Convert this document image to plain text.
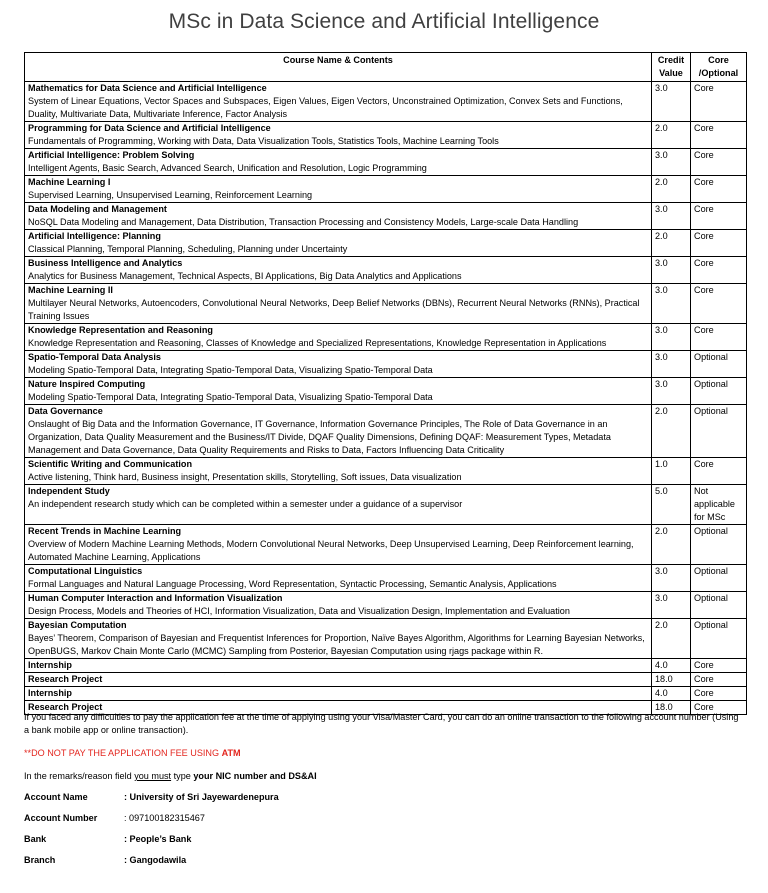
MSc in Data Science and Artificial Intelligence
Course Name & Contents	Credit Value	Core /Optional

Mathematics for Data Science and Artificial Intelligence
System of Linear Equations, Vector Spaces and Subspaces, Eigen Values, Eigen Vectors, Unconstrained Optimization, Convex Sets and Functions, Duality, Multivariate Data, Multivariate Inference, Factor Analysis	3.0	Core

Programming for Data Science and Artificial Intelligence
Fundamentals of Programming, Working with Data, Data Visualization Tools, Statistics Tools, Machine Learning Tools	2.0	Core

Artificial Intelligence: Problem Solving
Intelligent Agents, Basic Search, Advanced Search, Unification and Resolution, Logic Programming	3.0	Core

Machine Learning I
Supervised Learning, Unsupervised Learning, Reinforcement Learning	2.0	Core

Data Modeling and Management
NoSQL Data Modeling and Management, Data Distribution, Transaction Processing and Consistency Models, Large-scale Data Handling	3.0	Core

Artificial Intelligence: Planning
Classical Planning, Temporal Planning, Scheduling, Planning under Uncertainty	2.0	Core

Business Intelligence and Analytics
Analytics for Business Management, Technical Aspects, BI Applications, Big Data Analytics and Applications	3.0	Core

Machine Learning II
Multilayer Neural Networks, Autoencoders, Convolutional Neural Networks, Deep Belief Networks (DBNs), Recurrent Neural Networks (RNNs), Practical Training Issues	3.0	Core

Knowledge Representation and Reasoning
Knowledge Representation and Reasoning, Classes of Knowledge and Specialized Representations, Knowledge Representation in Applications	3.0	Core

Spatio-Temporal Data Analysis
Modeling Spatio-Temporal Data, Integrating Spatio-Temporal Data, Visualizing Spatio-Temporal Data	3.0	Optional

Nature Inspired Computing
Modeling Spatio-Temporal Data, Integrating Spatio-Temporal Data, Visualizing Spatio-Temporal Data	3.0	Optional

Data Governance
Onslaught of Big Data and the Information Governance, IT Governance, Information Governance Principles, The Role of Data Governance in an Organization, Data Quality Measurement and the Business/IT Divide, DQAF Quality Dimensions, Defining DQAF: Measurement Types, Metadata Management and Data Governance, Data Quality Requirements and Risks to Data, Factors Influencing Data Criticality	2.0	Optional

Scientific Writing and Communication
Active listening, Think hard, Business insight, Presentation skills, Storytelling, Soft issues, Data visualization	1.0	Core

Independent Study
An independent research study which can be completed within a semester under a guidance of a supervisor	5.0	Not applicable for MSc

Recent Trends in Machine Learning
Overview of Modern Machine Learning Methods, Modern Convolutional Neural Networks, Deep Unsupervised Learning, Deep Reinforcement learning, Automated Machine Learning, Applications	2.0	Optional

Computational Linguistics
Formal Languages and Natural Language Processing, Word Representation, Syntactic Processing, Semantic Analysis, Applications	3.0	Optional

Human Computer Interaction and Information Visualization
Design Process, Models and Theories of HCI, Information Visualization, Data and Visualization Design, Implementation and Evaluation	3.0	Optional

Bayesian Computation
Bayes’ Theorem, Comparison of Bayesian and Frequentist Inferences for Proportion, Naïve Bayes Algorithm, Algorithms for Learning Bayesian Networks, OpenBUGS, Markov Chain Monte Carlo (MCMC) Sampling from Posterior, Bayesian Computation using rjags package within R.	2.0	Optional

Internship	4.0	Core

Research Project	18.0	Core

Internship	4.0	Core

Research Project	18.0	Core

If you faced any difficulties to pay the application fee at the time of applying using your Visa/Master Card, you can do an online transaction to the following account number (Using a bank mobile app or online transaction).

**DO NOT PAY THE APPLICATION FEE USING ATM

In the remarks/reason field you must type your NIC number and DS&AI

Account Name	: University of Sri Jayewardenepura
Account Number	: 097100182315467
Bank	: People’s Bank
Branch	: Gangodawila
